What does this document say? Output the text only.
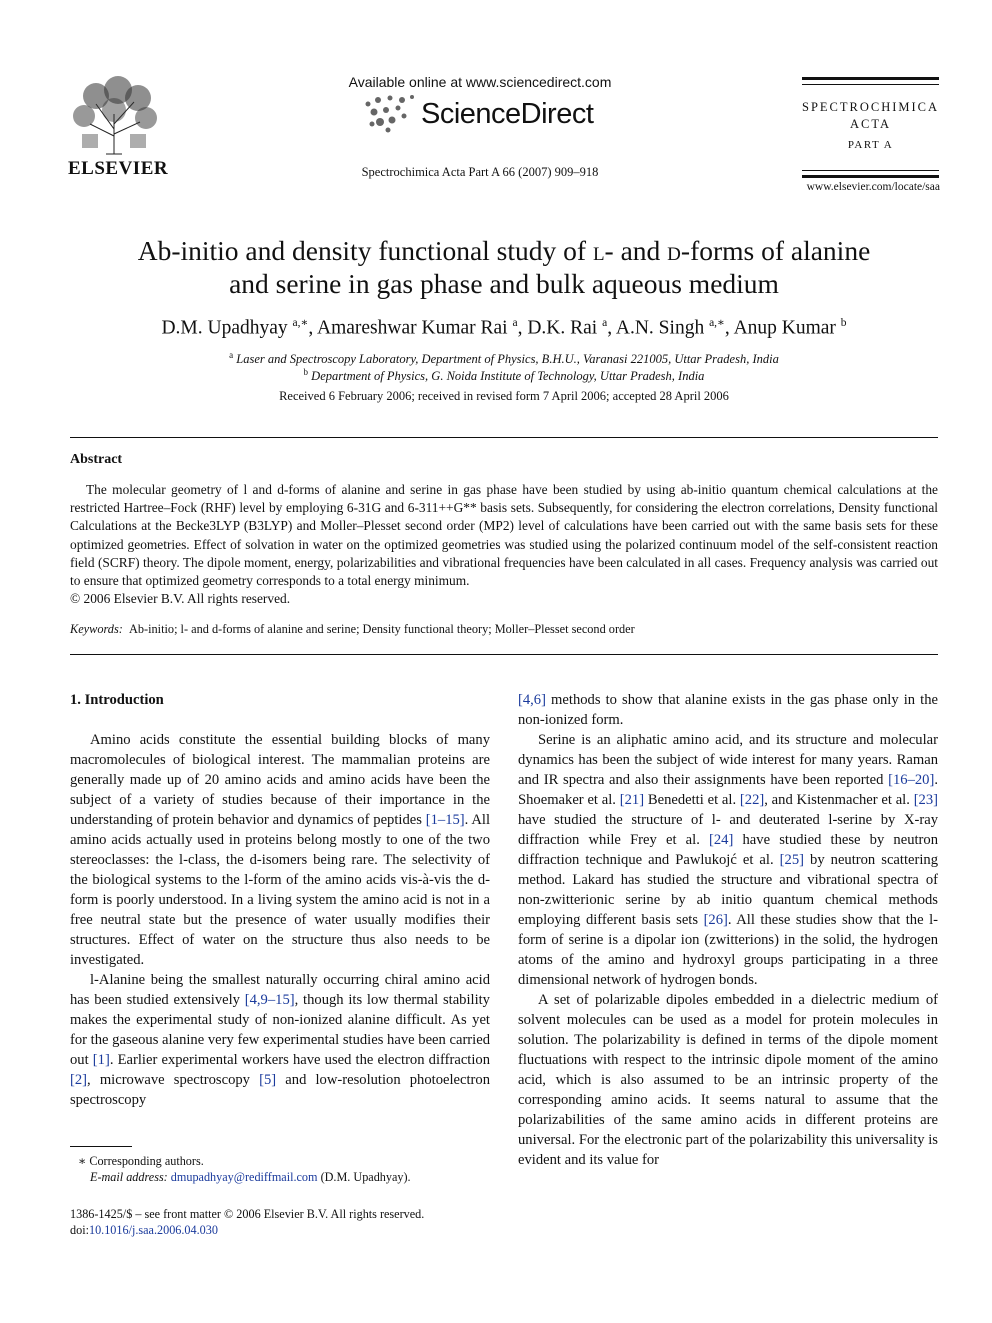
ELSEVIER
Available online at www.sciencedirect.com
ScienceDirect
Spectrochimica Acta Part A 66 (2007) 909–918
SPECTROCHIMICA
ACTA
PART A
www.elsevier.com/locate/saa
Ab-initio and density functional study of l- and d-forms of alanine
and serine in gas phase and bulk aqueous medium
D.M. Upadhyay $^{a,∗}$, Amareshwar Kumar Rai $^a$, D.K. Rai $^a$, A.N. Singh $^{a,∗}$, Anup Kumar $^b$
$^a$ Laser and Spectroscopy Laboratory, Department of Physics, B.H.U., Varanasi 221005, Uttar Pradesh, India
$^b$ Department of Physics, G. Noida Institute of Technology, Uttar Pradesh, India
Received 6 February 2006; received in revised form 7 April 2006; accepted 28 April 2006
Abstract
The molecular geometry of l and d-forms of alanine and serine in gas phase have been studied by using ab-initio quantum chemical calculations at the restricted Hartree–Fock (RHF) level by employing 6-31G and 6-311++G** basis sets. Subsequently, for considering the electron correlations, Density functional Calculations at the Becke3LYP (B3LYP) and Moller–Plesset second order (MP2) level of calculations have been carried out with the same basis sets for these optimized geometries. Effect of solvation in water on the optimized geometries was studied using the polarized continuum model of the self-consistent reaction field (SCRF) theory. The dipole moment, energy, polarizabilities and vibrational frequencies have been calculated in all cases. Frequency analysis was carried out to ensure that optimized geometry corresponds to a total energy minimum.
© 2006 Elsevier B.V. All rights reserved.
Keywords: Ab-initio; l- and d-forms of alanine and serine; Density functional theory; Moller–Plesset second order
1. Introduction

Amino acids constitute the essential building blocks of many macromolecules of biological interest. The mammalian proteins are generally made up of 20 amino acids and amino acids have been the subject of a variety of studies because of their importance in the understanding of protein behavior and dynamics of peptides [1–15]. All amino acids actually used in proteins belong mostly to one of the two stereoclasses: the l-class, the d-isomers being rare. The selectivity of the biological systems to the l-form of the amino acids vis-à-vis the d-form is poorly understood. In a living system the amino acid is not in a free neutral state but the presence of water usually modifies their structures. Effect of water on the structure thus also needs to be investigated.

l-Alanine being the smallest naturally occurring chiral amino acid has been studied extensively [4,9–15], though its low thermal stability makes the experimental study of non-ionized alanine difficult. As yet for the gaseous alanine very few experimental studies have been carried out [1]. Earlier experimental workers have used the electron diffraction [2], microwave spectroscopy [5] and low-resolution photoelectron spectroscopy

[4,6] methods to show that alanine exists in the gas phase only in the non-ionized form.

Serine is an aliphatic amino acid, and its structure and molecular dynamics has been the subject of wide interest for many years. Raman and IR spectra and also their assignments have been reported [16–20]. Shoemaker et al. [21] Benedetti et al. [22], and Kistenmacher et al. [23] have studied the structure of l- and deuterated l-serine by X-ray diffraction while Frey et al. [24] have studied these by neutron diffraction technique and Pawlukojć et al. [25] by neutron scattering method. Lakard has studied the structure and vibrational spectra of non-zwitterionic serine by ab initio quantum chemical methods employing different basis sets [26]. All these studies show that the l-form of serine is a dipolar ion (zwitterions) in the solid, the hydrogen atoms of the amino and hydroxyl groups participating in a three dimensional network of hydrogen bonds.

A set of polarizable dipoles embedded in a dielectric medium of solvent molecules can be used as a model for protein molecules in solution. The polarizability is defined in terms of the dipole moment fluctuations with respect to the intrinsic dipole moment of the amino acid, which is also assumed to be an intrinsic property of the corresponding amino acids. It seems natural to assume that the polarizabilities of the same amino acids in different proteins are universal. For the electronic part of the polarizability this universality is evident and its value for

∗ Corresponding authors.
E-mail address: dmupadhyay@rediffmail.com (D.M. Upadhyay).
1386-1425/$ – see front matter © 2006 Elsevier B.V. All rights reserved.
doi:10.1016/j.saa.2006.04.030
